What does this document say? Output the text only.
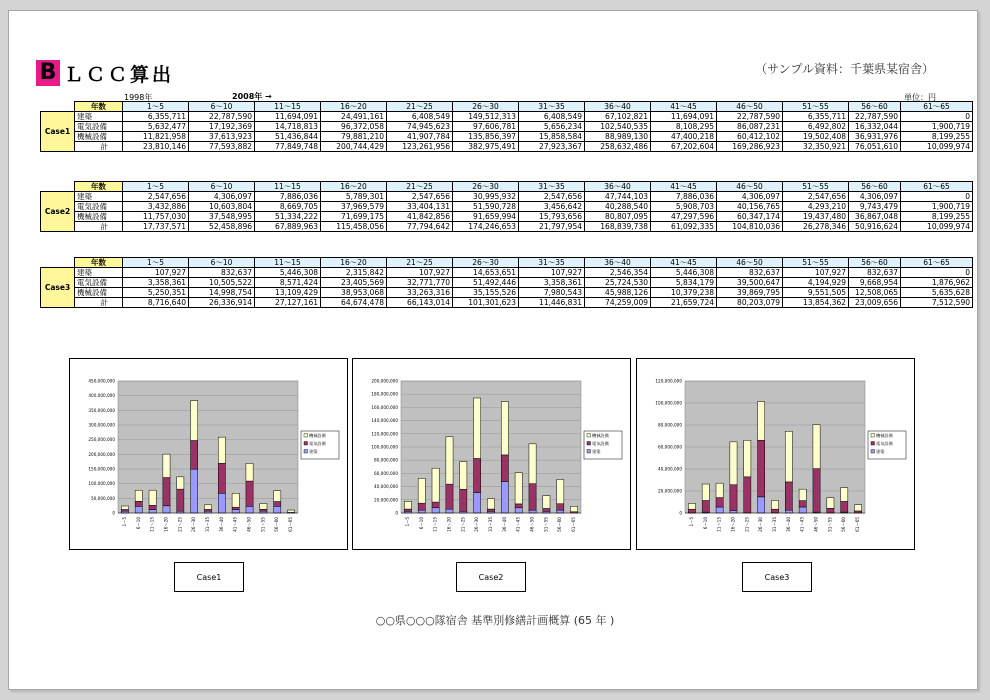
B ＬＣＣ算出	（サンプル資料：千葉県某宿舎）
1998年	2008年 →	単位：円
	年数	1～5	6～10	11～15	16～20	21～25	26～30	31～35	36～40	41～45	46～50	51～55	56～60	61～65	
Case1	建築	6,355,711	22,787,590	11,694,091	24,491,161	6,408,549	149,512,313	6,408,549	67,102,821	11,694,091	22,787,590	6,355,711	22,787,590	0	
	電気設備	5,632,477	17,192,369	14,718,813	96,372,058	74,945,623	97,606,781	5,656,234	102,540,535	8,108,295	86,087,231	6,492,802	16,332,044	1,900,719	
	機械設備	11,821,958	37,613,923	51,436,844	79,881,210	41,907,784	135,856,397	15,858,584	88,989,130	47,400,218	60,412,102	19,502,408	36,931,976	8,199,255	
	計	23,810,146	77,593,882	77,849,748	200,744,429	123,261,956	382,975,491	27,923,367	258,632,486	67,202,604	169,286,923	32,350,921	76,051,610	10,099,974	
	年数	1～5	6～10	11～15	16～20	21～25	26～30	31～35	36～40	41～45	46～50	51～55	56～60	61～65	
Case2	建築	2,547,656	4,306,097	7,886,036	5,789,301	2,547,656	30,995,932	2,547,656	47,744,103	7,886,036	4,306,097	2,547,656	4,306,097	0	
	電気設備	3,432,886	10,603,804	8,669,705	37,969,579	33,404,131	51,590,728	3,456,642	40,288,540	5,908,703	40,156,765	4,293,210	9,743,479	1,900,719	
	機械設備	11,757,030	37,548,995	51,334,222	71,699,175	41,842,856	91,659,994	15,793,656	80,807,095	47,297,596	60,347,174	19,437,480	36,867,048	8,199,255	
	計	17,737,571	52,458,896	67,889,963	115,458,056	77,794,642	174,246,653	21,797,954	168,839,738	61,092,335	104,810,036	26,278,346	50,916,624	10,099,974	
	年数	1～5	6～10	11～15	16～20	21～25	26～30	31～35	36～40	41～45	46～50	51～55	56～60	61～65	
Case3	建築	107,927	832,637	5,446,308	2,315,842	107,927	14,653,651	107,927	2,546,354	5,446,308	832,637	107,927	832,637	0	
	電気設備	3,358,361	10,505,522	8,571,424	23,405,569	32,771,770	51,492,446	3,358,361	25,724,530	5,834,179	39,500,647	4,194,929	9,668,954	1,876,962	
	機械設備	5,250,351	14,998,754	13,109,429	38,953,068	33,263,316	35,155,526	7,980,543	45,988,126	10,379,238	39,869,795	9,551,505	12,508,065	5,635,628	
	計	8,716,640	26,336,914	27,127,161	64,674,478	66,143,014	101,301,623	11,446,831	74,259,009	21,659,724	80,203,079	13,854,362	23,009,656	7,512,590	
0
50,000,000
100,000,000
150,000,000
200,000,000
250,000,000
300,000,000
350,000,000
400,000,000
450,000,000
1～5 6～10 11～15 16～20 21～25 26～30 31～35 36～40 41～45 46～50 51～55 56～60 61～65
機械設備
電気設備
建築
0
20,000,000
40,000,000
60,000,000
80,000,000
100,000,000
120,000,000
140,000,000
160,000,000
180,000,000
200,000,000
1～5 6～10 11～15 16～20 21～25 26～30 31～35 36～40 41～45 46～50 51～55 56～60 61～65
機械設備
電気設備
建築
0
20,000,000
40,000,000
60,000,000
80,000,000
100,000,000
120,000,000
1～5 6～10 11～15 16～20 21～25 26～30 31～35 36～40 41～45 46～50 51～55 56～60 61～65
機械設備
電気設備
建築
Case1	Case2	Case3
○○県○○○隊宿舎 基準別修繕計画概算 (65 年 )
